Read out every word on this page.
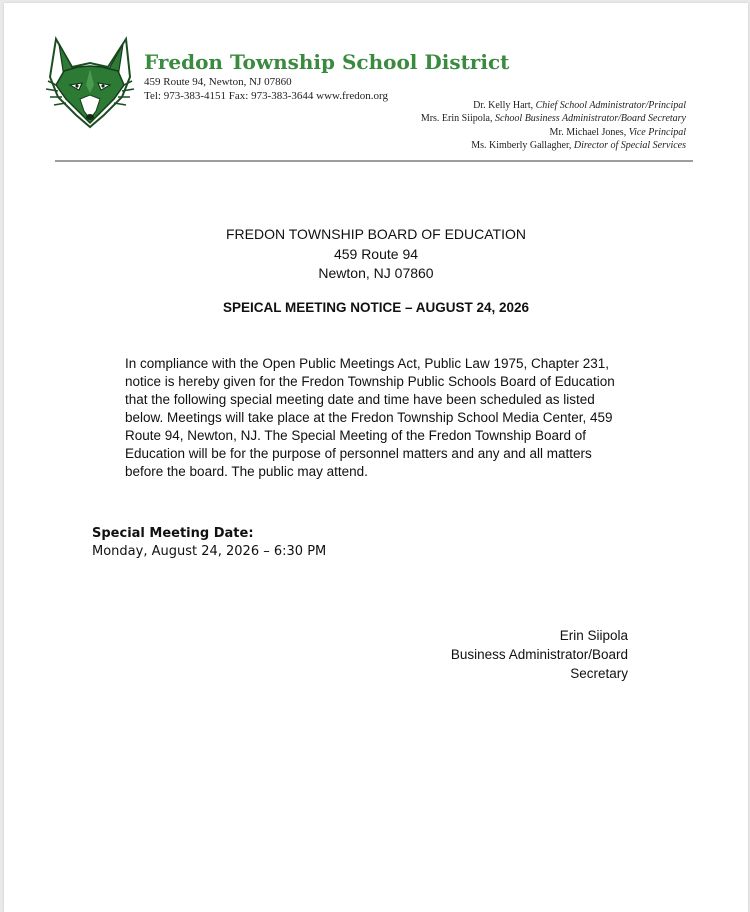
Fredon Township School District
459 Route 94, Newton, NJ 07860
Tel: 973-383-4151 Fax: 973-383-3644 www.fredon.org
Dr. Kelly Hart, Chief School Administrator/Principal
Mrs. Erin Siipola, School Business Administrator/Board Secretary
Mr. Michael Jones, Vice Principal
Ms. Kimberly Gallagher, Director of Special Services
FREDON TOWNSHIP BOARD OF EDUCATION
459 Route 94
Newton, NJ 07860
SPEICAL MEETING NOTICE – AUGUST 24, 2026
In compliance with the Open Public Meetings Act, Public Law 1975, Chapter 231,
notice is hereby given for the Fredon Township Public Schools Board of Education
that the following special meeting date and time have been scheduled as listed
below. Meetings will take place at the Fredon Township School Media Center, 459
Route 94, Newton, NJ. The Special Meeting of the Fredon Township Board of
Education will be for the purpose of personnel matters and any and all matters
before the board. The public may attend.
Special Meeting Date:
Monday, August 24, 2026 – 6:30 PM
Erin Siipola
Business Administrator/Board Secretary
